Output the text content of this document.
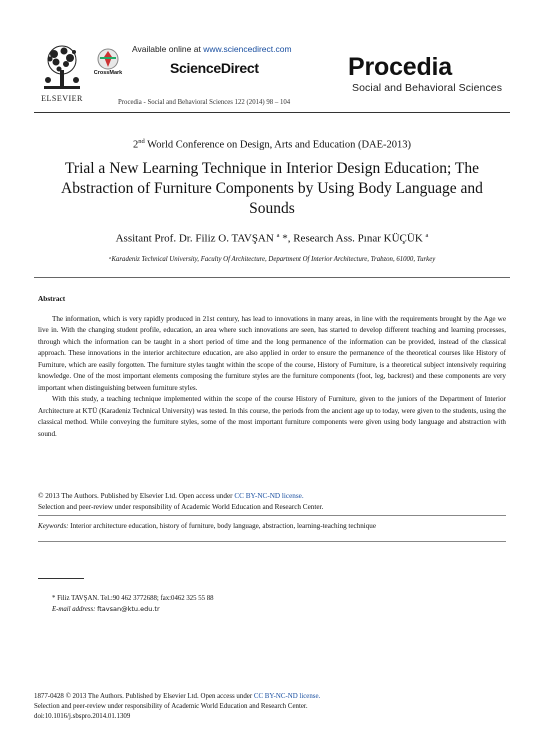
ELSEVIER
CrossMark
Available online at www.sciencedirect.com
ScienceDirect	Procedia
Social and Behavioral Sciences
Procedia - Social and Behavioral Sciences 122 (2014) 98 – 104
2nd World Conference on Design, Arts and Education (DAE-2013)
Trial a New Learning Technique in Interior Design Education; The Abstraction of Furniture Components by Using Body Language and Sounds
Assitant Prof. Dr. Filiz O. TAVŞAN $^a$ *, Research Ass. Pınar KÜÇÜK $^a$
ᵃKaradeniz Technical University, Faculty Of Architecture, Department Of Interior Architecture, Trabzon, 61000, Turkey
Abstract

The information, which is very rapidly produced in 21st century, has lead to innovations in many areas, in line with the requirements brought by the Age we live in. With the changing student profile, education, an area where such innovations are seen, has started to develop different teaching and learning processes, through which the information can be taught in a short period of time and the long permanence of the information can be provided, instead of the classical approach. These innovations in the interior architecture education, are also applied in order to ensure the permanence of the theoretical courses like History of Furniture, which are easily forgotten. The furniture styles taught within the scope of the course, History of Furniture, is a theoretical subject intensively requiring knowledge. One of the most important elements composing the furniture styles are the furniture components (foot, leg, backrest) and these components are very important when distinguishing between furniture styles.

With this study, a teaching technique implemented within the scope of the course History of Furniture, given to the juniors of the Department of Interior Architecture at KTÜ (Karadeniz Technical University) was tested. In this course, the periods from the ancient age up to today, were given to the students, using the classical method. While conveying the furniture styles, some of the most important furniture components were given using body language and abstraction with sound.

© 2013 The Authors. Published by Elsevier Ltd. Open access under CC BY-NC-ND license.
Selection and peer-review under responsibility of Academic World Education and Research Center.
Keywords: Interior architecture education, history of furniture, body language, abstraction, learning-teaching technique
* Filiz TAVŞAN. Tel.:90 462 3772688; fax:0462 325 55 88
E-mail address: ftavsan@ktu.edu.tr
1877-0428 © 2013 The Authors. Published by Elsevier Ltd. Open access under CC BY-NC-ND license.
Selection and peer-review under responsibility of Academic World Education and Research Center.
doi:10.1016/j.sbspro.2014.01.1309
